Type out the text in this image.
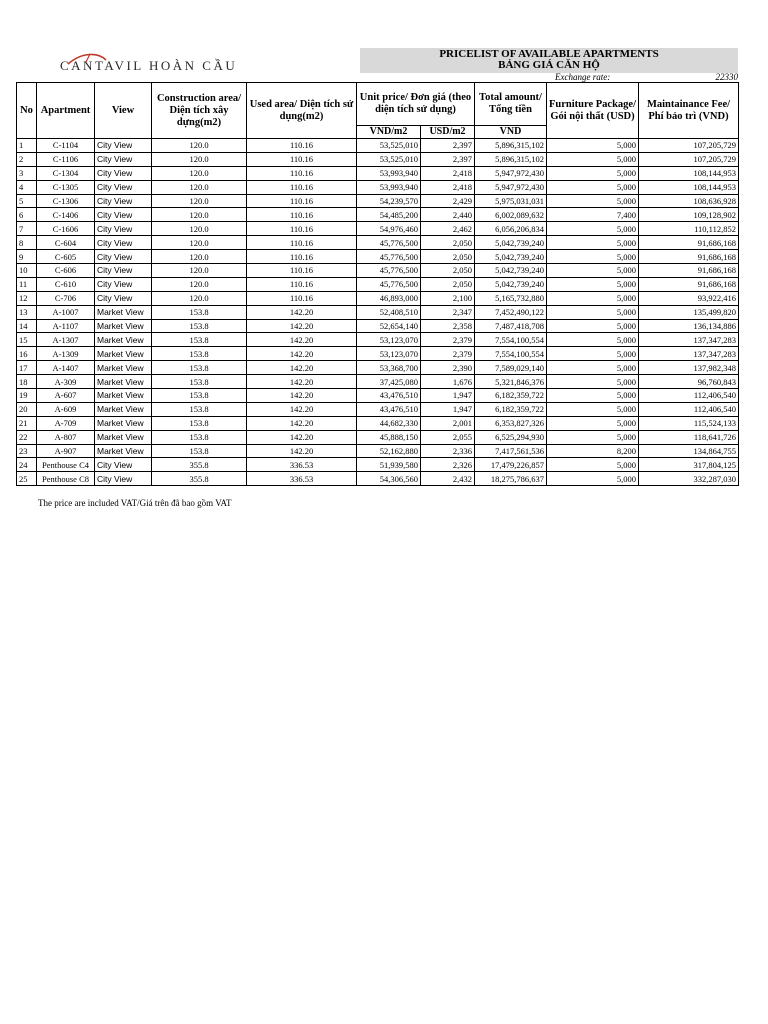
CANTAVIL HOÀN CẦU
PRICELIST OF AVAILABLE APARTMENTS
BẢNG GIÁ CĂN HỘ
Exchange rate:	22330
No	Apartment	View	Construction area/ Diện tích xây dựng(m2)	Used area/ Diện tích sử dụng(m2)	Unit price/ Đơn giá (theo diện tích sử dụng)		Total amount/ Tổng tiền	Furniture Package/ Gói nội thất (USD)	Maintainance Fee/ Phí bảo trì (VND)
					VND/m2	USD/m2	VND		
1	C-1104	City View	120.0	110.16	53,525,010	2,397	5,896,315,102	5,000	107,205,729
2	C-1106	City View	120.0	110.16	53,525,010	2,397	5,896,315,102	5,000	107,205,729
3	C-1304	City View	120.0	110.16	53,993,940	2,418	5,947,972,430	5,000	108,144,953
4	C-1305	City View	120.0	110.16	53,993,940	2,418	5,947,972,430	5,000	108,144,953
5	C-1306	City View	120.0	110.16	54,239,570	2,429	5,975,031,031	5,000	108,636,928
6	C-1406	City View	120.0	110.16	54,485,200	2,440	6,002,089,632	7,400	109,128,902
7	C-1606	City View	120.0	110.16	54,976,460	2,462	6,056,206,834	5,000	110,112,852
8	C-604	City View	120.0	110.16	45,776,500	2,050	5,042,739,240	5,000	91,686,168
9	C-605	City View	120.0	110.16	45,776,500	2,050	5,042,739,240	5,000	91,686,168
10	C-606	City View	120.0	110.16	45,776,500	2,050	5,042,739,240	5,000	91,686,168
11	C-610	City View	120.0	110.16	45,776,500	2,050	5,042,739,240	5,000	91,686,168
12	C-706	City View	120.0	110.16	46,893,000	2,100	5,165,732,880	5,000	93,922,416
13	A-1007	Market View	153.8	142.20	52,408,510	2,347	7,452,490,122	5,000	135,499,820
14	A-1107	Market View	153.8	142.20	52,654,140	2,358	7,487,418,708	5,000	136,134,886
15	A-1307	Market View	153.8	142.20	53,123,070	2,379	7,554,100,554	5,000	137,347,283
16	A-1309	Market View	153.8	142.20	53,123,070	2,379	7,554,100,554	5,000	137,347,283
17	A-1407	Market View	153.8	142.20	53,368,700	2,390	7,589,029,140	5,000	137,982,348
18	A-309	Market View	153.8	142.20	37,425,080	1,676	5,321,846,376	5,000	96,760,843
19	A-607	Market View	153.8	142.20	43,476,510	1,947	6,182,359,722	5,000	112,406,540
20	A-609	Market View	153.8	142.20	43,476,510	1,947	6,182,359,722	5,000	112,406,540
21	A-709	Market View	153.8	142.20	44,682,330	2,001	6,353,827,326	5,000	115,524,133
22	A-807	Market View	153.8	142.20	45,888,150	2,055	6,525,294,930	5,000	118,641,726
23	A-907	Market View	153.8	142.20	52,162,880	2,336	7,417,561,536	8,200	134,864,755
24	Penthouse C4	City View	355.8	336.53	51,939,580	2,326	17,479,226,857	5,000	317,804,125
25	Penthouse C8	City View	355.8	336.53	54,306,560	2,432	18,275,786,637	5,000	332,287,030
The price are included VAT/Giá trên đã bao gồm VAT
